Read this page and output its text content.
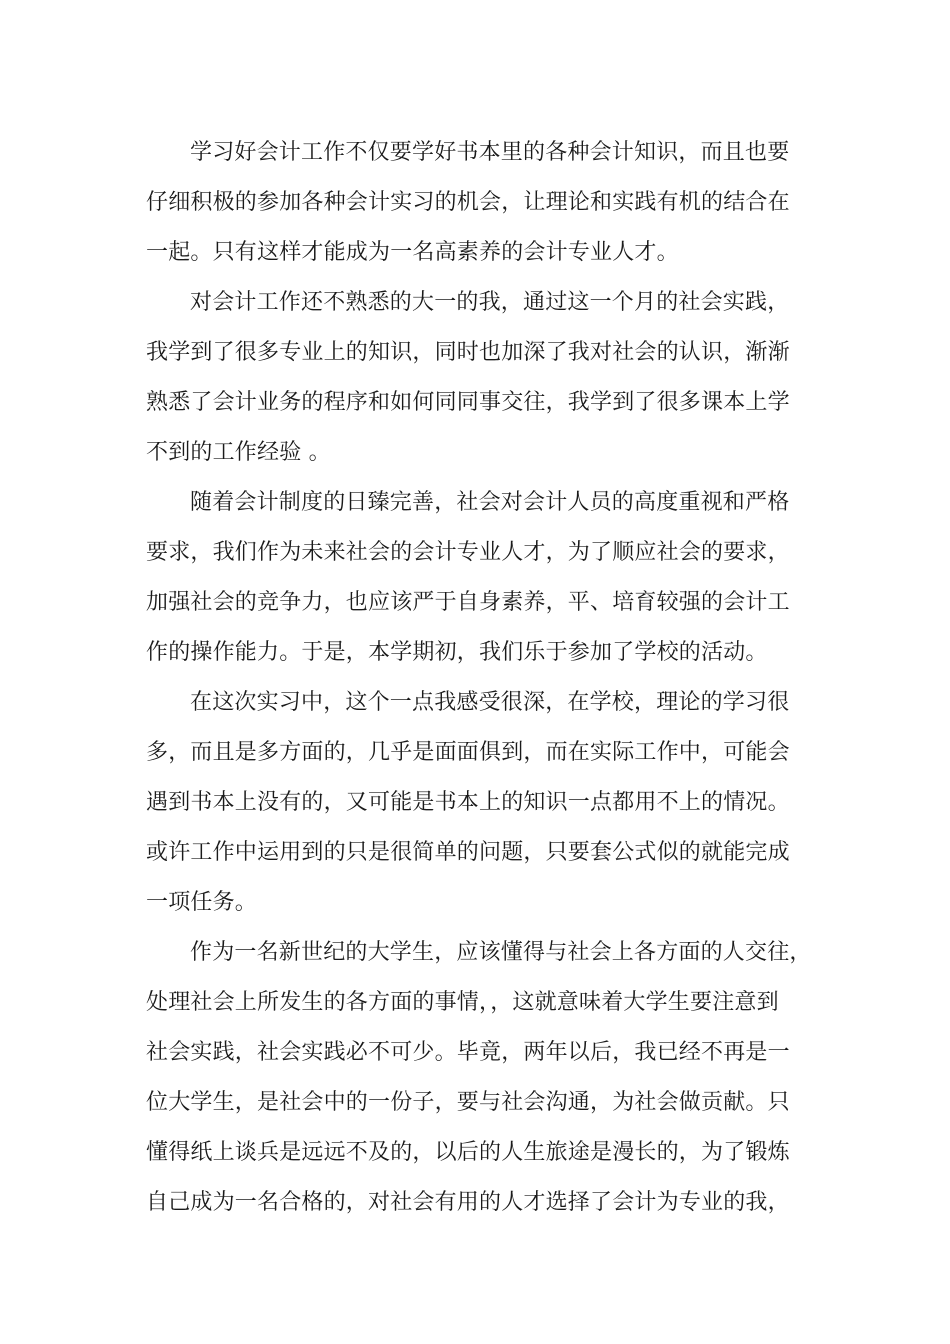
学习好会计工作不仅要学好书本里的各种会计知识，而且也要
仔细积极的参加各种会计实习的机会，让理论和实践有机的结合在
一起。只有这样才能成为一名高素养的会计专业人才。
对会计工作还不熟悉的大一的我，通过这一个月的社会实践，
我学到了很多专业上的知识，同时也加深了我对社会的认识，渐渐
熟悉了会计业务的程序和如何同同事交往，我学到了很多课本上学
不到的工作经验 。
随着会计制度的日臻完善，社会对会计人员的高度重视和严格
要求，我们作为未来社会的会计专业人才，为了顺应社会的要求，
加强社会的竞争力，也应该严于自身素养，平、培育较强的会计工
作的操作能力。于是，本学期初，我们乐于参加了学校的活动。
在这次实习中，这个一点我感受很深，在学校，理论的学习很
多，而且是多方面的，几乎是面面俱到，而在实际工作中，可能会
遇到书本上没有的，又可能是书本上的知识一点都用不上的情况。
或许工作中运用到的只是很简单的问题，只要套公式似的就能完成
一项任务。
作为一名新世纪的大学生，应该懂得与社会上各方面的人交往，
处理社会上所发生的各方面的事情，，这就意味着大学生要注意到
社会实践，社会实践必不可少。毕竟，两年以后，我已经不再是一
位大学生，是社会中的一份子，要与社会沟通，为社会做贡献。只
懂得纸上谈兵是远远不及的，以后的人生旅途是漫长的，为了锻炼
自己成为一名合格的，对社会有用的人才选择了会计为专业的我，
